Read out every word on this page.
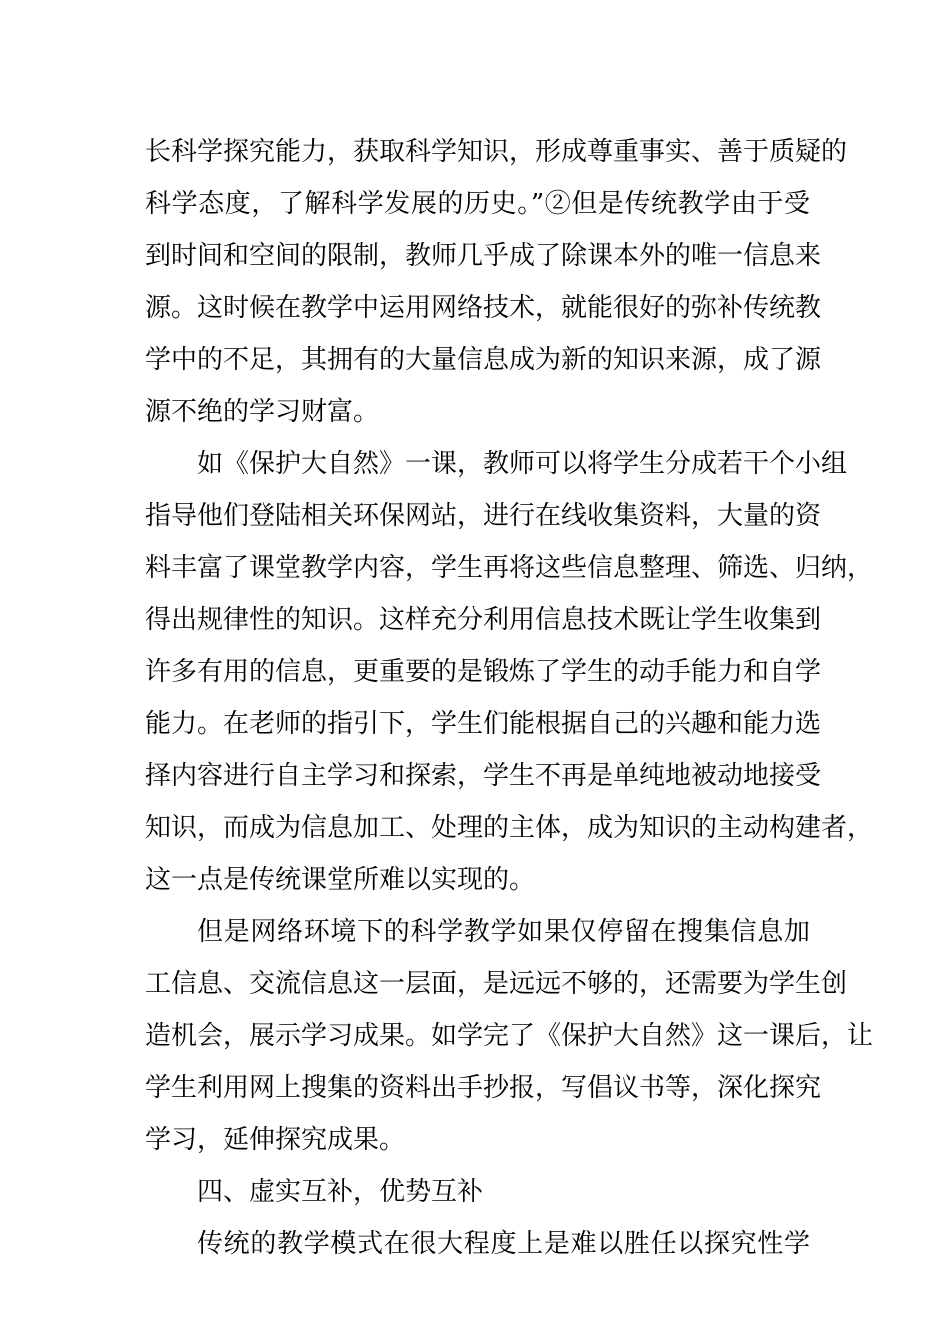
长科学探究能力，获取科学知识，形成尊重事实、善于质疑的
科学态度，了解科学发展的历史。”②但是传统教学由于受
到时间和空间的限制，教师几乎成了除课本外的唯一信息来
源。这时候在教学中运用网络技术，就能很好的弥补传统教
学中的不足，其拥有的大量信息成为新的知识来源，成了源
源不绝的学习财富。
如《保护大自然》一课，教师可以将学生分成若干个小组
指导他们登陆相关环保网站，进行在线收集资料，大量的资
料丰富了课堂教学内容，学生再将这些信息整理、筛选、归纳，
得出规律性的知识。这样充分利用信息技术既让学生收集到
许多有用的信息，更重要的是锻炼了学生的动手能力和自学
能力。在老师的指引下，学生们能根据自己的兴趣和能力选
择内容进行自主学习和探索，学生不再是单纯地被动地接受
知识，而成为信息加工、处理的主体，成为知识的主动构建者，
这一点是传统课堂所难以实现的。
但是网络环境下的科学教学如果仅停留在搜集信息加
工信息、交流信息这一层面，是远远不够的，还需要为学生创
造机会，展示学习成果。如学完了《保护大自然》这一课后，让
学生利用网上搜集的资料出手抄报，写倡议书等，深化探究
学习，延伸探究成果。
四、虚实互补，优势互补
传统的教学模式在很大程度上是难以胜任以探究性学
